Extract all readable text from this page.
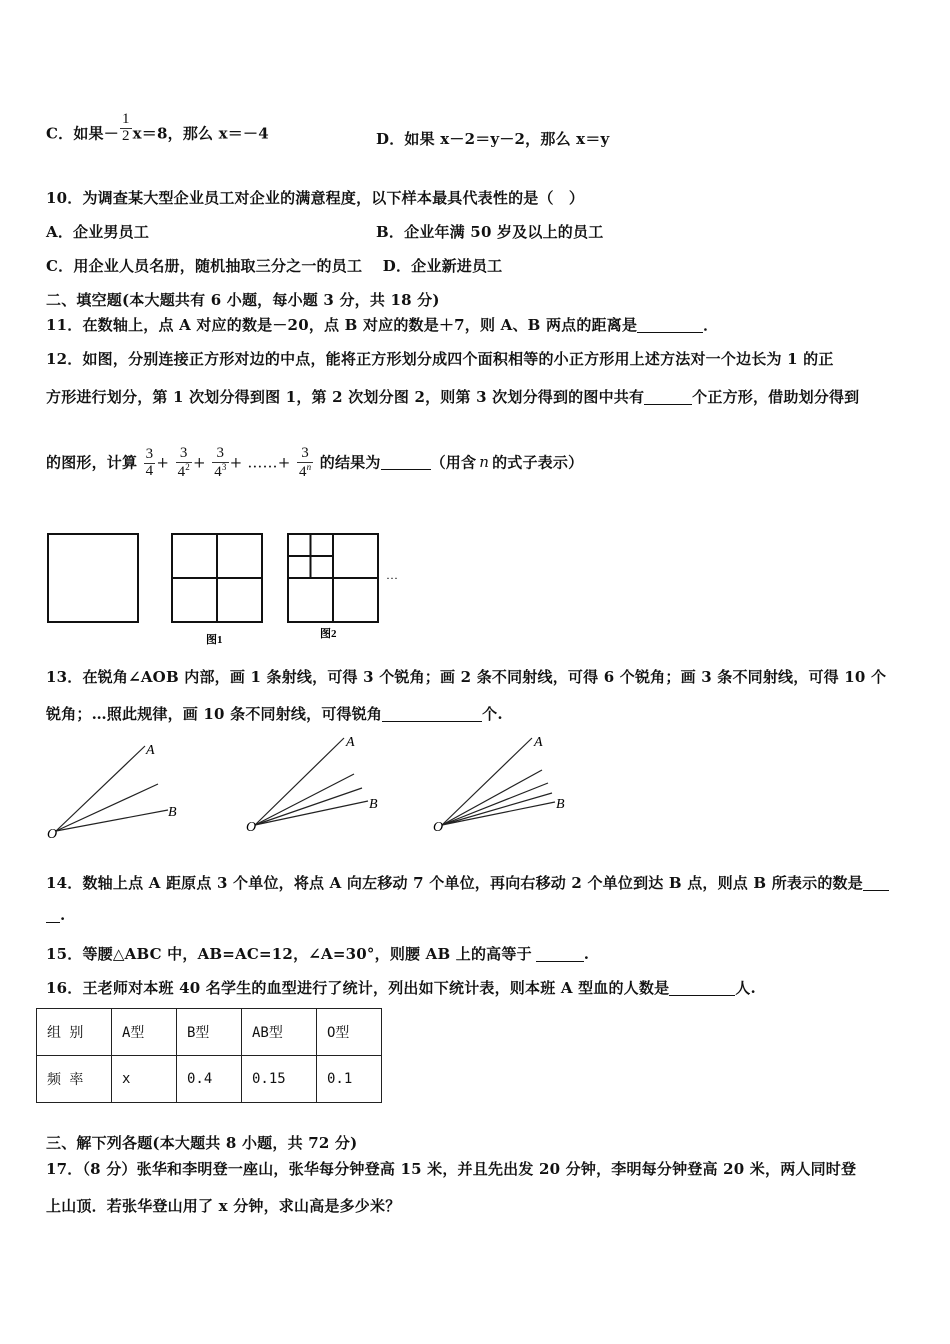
C．如果－ $\frac{1}{2} x=8$，那么 x＝－4	D．如果 x－2＝y－2，那么 x＝y
10．为调查某大型企业员工对企业的满意程度，以下样本最具代表性的是（　）
A．企业男员工	B．企业年满 50 岁及以上的员工
C．用企业人员名册，随机抽取三分之一的员工　 D．企业新进员工
二、填空题(本大题共有 6 小题，每小题 3 分，共 18 分)
11．在数轴上，点 A 对应的数是－20，点 B 对应的数是＋7，则 A、B 两点的距离是	．
12．如图，分别连接正方形对边的中点，能将正方形划分成四个面积相等的小正方形用上述方法对一个边长为 1 的正
方形进行划分，第 1 次划分得到图 1，第 2 次划分图 2，则第 3 次划分得到的图中共有	个正方形，借助划分得到
的图形，计算 $\frac{3}{4} + \frac{3}{4^2} + \frac{3}{4^3}$ + ……+ $\frac{3}{4^n}$ 的结果为	（用含 n 的式子表示）
图1	图2
···
13．在锐角∠AOB 内部，画 1 条射线，可得 3 个锐角；画 2 条不同射线，可得 6 个锐角；画 3 条不同射线，可得 10 个
锐角；…照此规律，画 10 条不同射线，可得锐角	个.
A
B
O
A
B
O
A
B
O
14．数轴上点 A 距原点 3 个单位，将点 A 向左移动 7 个单位，再向右移动 2 个单位到达 B 点，则点 B 所表示的数是
.
15．等腰△ABC 中，AB=AC=12，∠A=30°，则腰 AB 上的高等于	.
16．王老师对本班 40 名学生的血型进行了统计，列出如下统计表，则本班 A 型血的人数是	人.
组 别	A型	B型	AB型	O型
频 率	x	0.4	0.15	0.1
三、解下列各题(本大题共 8 小题，共 72 分)
17．（8 分）张华和李明登一座山，张华每分钟登高 15 米，并且先出发 20 分钟，李明每分钟登高 20 米，两人同时登
上山顶．若张华登山用了 x 分钟，求山高是多少米？
